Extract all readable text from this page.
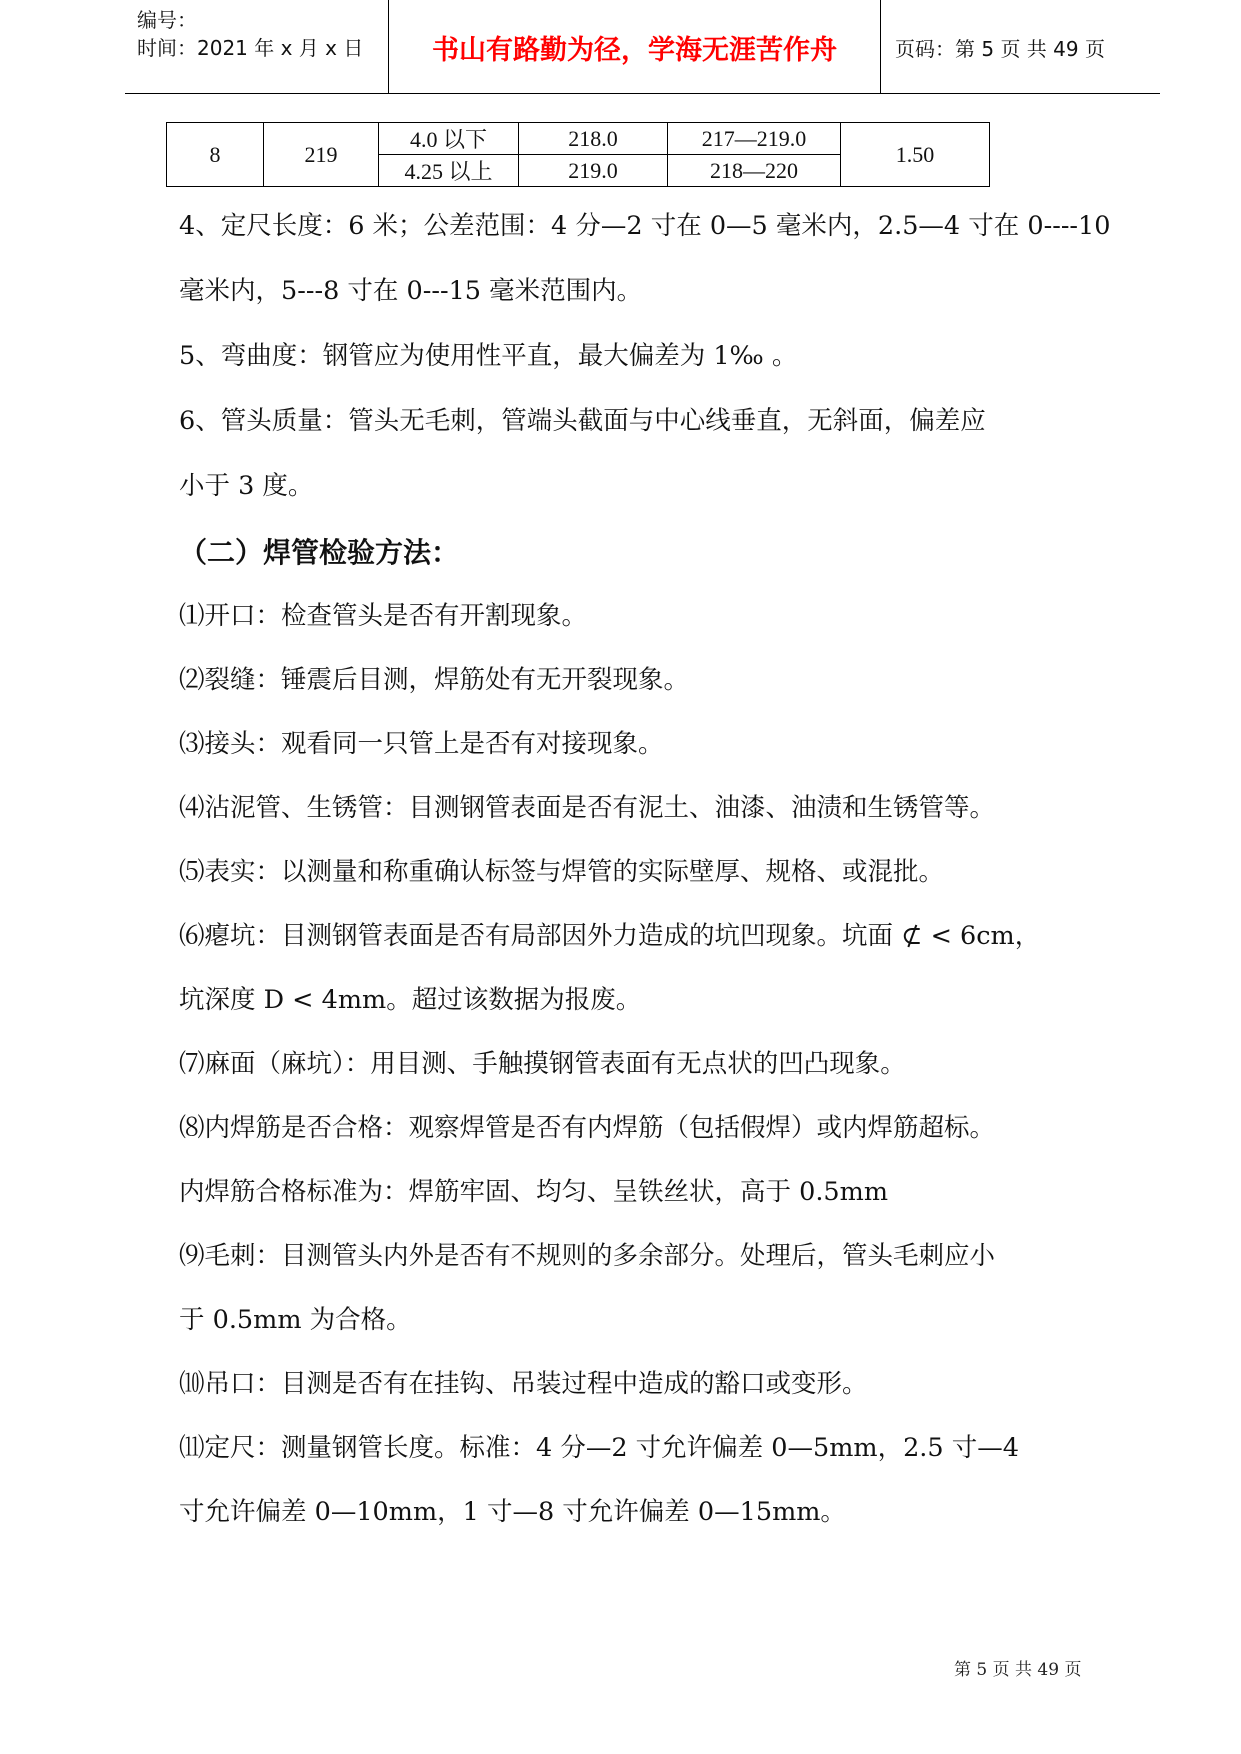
编号：
时间：2021 年 x 月 x 日	书山有路勤为径，学海无涯苦作舟	页码：第 5 页 共 49 页
8	219	4.0 以下	218.0	217—219.0	1.50
		4.25 以上	219.0	218—220	
4、定尺长度：6 米；公差范围：4 分—2 寸在 0—5 毫米内，2.5—4 寸在 0----10
毫米内，5---8 寸在 0---15 毫米范围内。
5、弯曲度：钢管应为使用性平直，最大偏差为 1‰ 。
6、管头质量：管头无毛刺，管端头截面与中心线垂直，无斜面，偏差应
小于 3 度。
（二）焊管检验方法：
⑴开口：检查管头是否有开割现象。
⑵裂缝：锤震后目测，焊筋处有无开裂现象。
⑶接头：观看同一只管上是否有对接现象。
⑷沾泥管、生锈管：目测钢管表面是否有泥土、油漆、油渍和生锈管等。
⑸表实：以测量和称重确认标签与焊管的实际壁厚、规格、或混批。
⑹瘪坑：目测钢管表面是否有局部因外力造成的坑凹现象。坑面 ⊄ < 6cm，
坑深度 D < 4mm。超过该数据为报废。
⑺麻面（麻坑）：用目测、手触摸钢管表面有无点状的凹凸现象。
⑻内焊筋是否合格：观察焊管是否有内焊筋（包括假焊）或内焊筋超标。
内焊筋合格标准为：焊筋牢固、均匀、呈铁丝状，高于 0.5mm
⑼毛刺：目测管头内外是否有不规则的多余部分。处理后，管头毛刺应小
于 0.5mm 为合格。
⑽吊口：目测是否有在挂钩、吊装过程中造成的豁口或变形。
⑾定尺：测量钢管长度。标准：4 分—2 寸允许偏差 0—5mm，2.5 寸—4
寸允许偏差 0—10mm，1 寸—8 寸允许偏差 0—15mm。
第 5 页 共 49 页
